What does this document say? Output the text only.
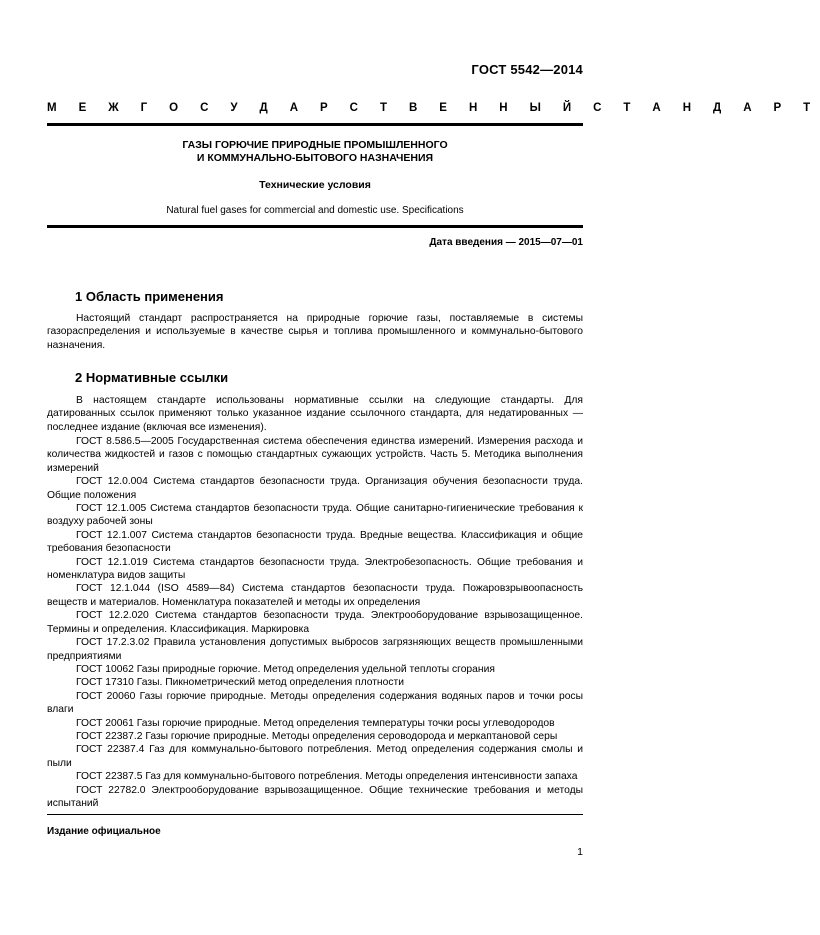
ГОСТ 5542—2014
М Е Ж Г О С У Д А Р С Т В Е Н Н Ы Й С Т А Н Д А Р Т
ГАЗЫ ГОРЮЧИЕ ПРИРОДНЫЕ ПРОМЫШЛЕННОГО
И КОММУНАЛЬНО-БЫТОВОГО НАЗНАЧЕНИЯ
Технические условия
Natural fuel gases for commercial and domestic use. Specifications
Дата введения — 2015—07—01
1 Область применения

Настоящий стандарт распространяется на природные горючие газы, поставляемые в системы газораспределения и используемые в качестве сырья и топлива промышленного и коммунально-бытового назначения.

2 Нормативные ссылки

В настоящем стандарте использованы нормативные ссылки на следующие стандарты. Для датированных ссылок применяют только указанное издание ссылочного стандарта, для недатированных — последнее издание (включая все изменения).

ГОСТ 8.586.5—2005 Государственная система обеспечения единства измерений. Измерения расхода и количества жидкостей и газов с помощью стандартных сужающих устройств. Часть 5. Методика выполнения измерений

ГОСТ 12.0.004 Система стандартов безопасности труда. Организация обучения безопасности труда. Общие положения

ГОСТ 12.1.005 Система стандартов безопасности труда. Общие санитарно-гигиенические требования к воздуху рабочей зоны

ГОСТ 12.1.007 Система стандартов безопасности труда. Вредные вещества. Классификация и общие требования безопасности

ГОСТ 12.1.019 Система стандартов безопасности труда. Электробезопасность. Общие требования и номенклатура видов защиты

ГОСТ 12.1.044 (ISO 4589—84) Система стандартов безопасности труда. Пожаровзрывоопасность веществ и материалов. Номенклатура показателей и методы их определения

ГОСТ 12.2.020 Система стандартов безопасности труда. Электрооборудование взрывозащищенное. Термины и определения. Классификация. Маркировка

ГОСТ 17.2.3.02 Правила установления допустимых выбросов загрязняющих веществ промышленными предприятиями

ГОСТ 10062 Газы природные горючие. Метод определения удельной теплоты сгорания

ГОСТ 17310 Газы. Пикнометрический метод определения плотности

ГОСТ 20060 Газы горючие природные. Методы определения содержания водяных паров и точки росы влаги

ГОСТ 20061 Газы горючие природные. Метод определения температуры точки росы углеводородов

ГОСТ 22387.2 Газы горючие природные. Методы определения сероводорода и меркаптановой серы

ГОСТ 22387.4 Газ для коммунально-бытового потребления. Метод определения содержания смолы и пыли

ГОСТ 22387.5 Газ для коммунально-бытового потребления. Методы определения интенсивности запаха

ГОСТ 22782.0 Электрооборудование взрывозащищенное. Общие технические требования и методы испытаний

Издание официальное
1
